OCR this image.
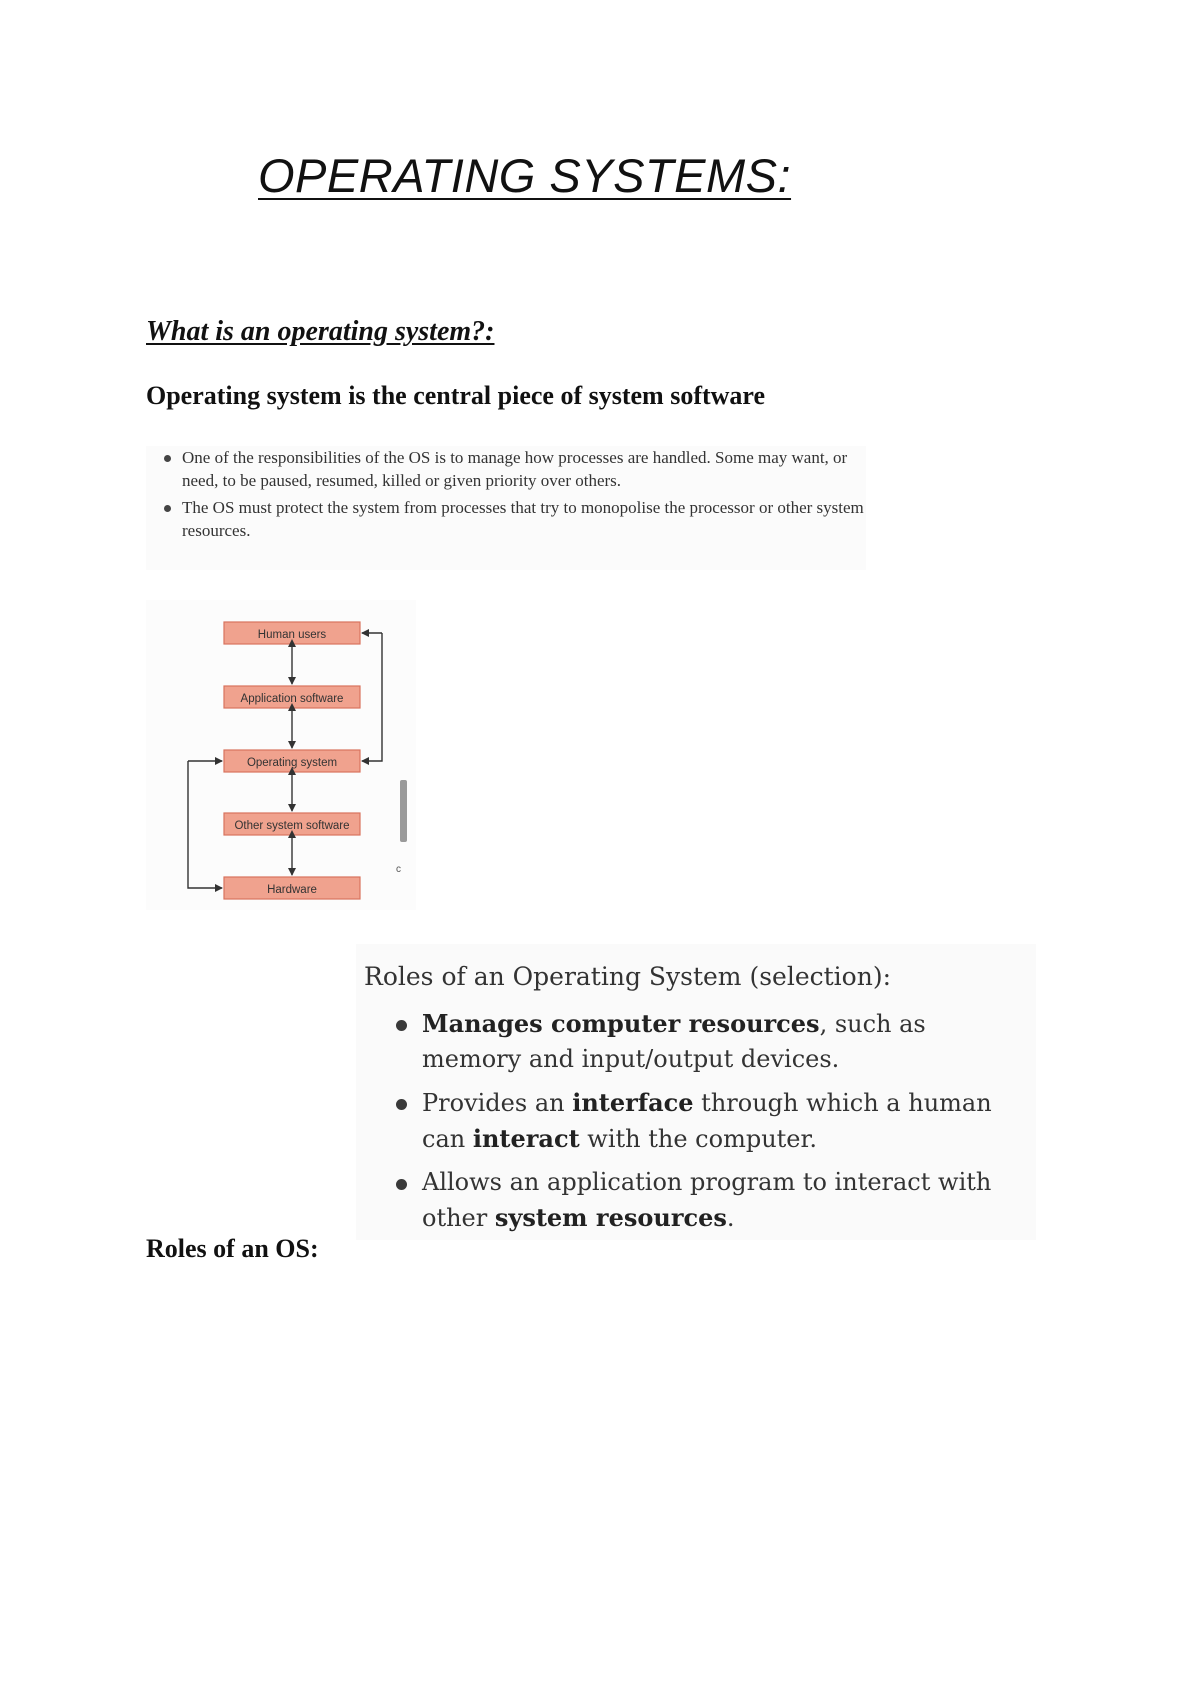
OPERATING SYSTEMS:
What is an operating system?:

Operating system is the central piece of system software

One of the responsibilities of the OS is to manage how processes are handled. Some may want, or need, to be paused, resumed, killed or given priority over others.
The OS must protect the system from processes that try to monopolise the processor or other system resources.
Human users
Application software
Operating system
Other system software
Hardware
c
Roles of an Operating System (selection):
Manages computer resources, such as memory and input/output devices.
Provides an interface through which a human can interact with the computer.
Allows an application program to interact with other system resources.

Roles of an OS:
